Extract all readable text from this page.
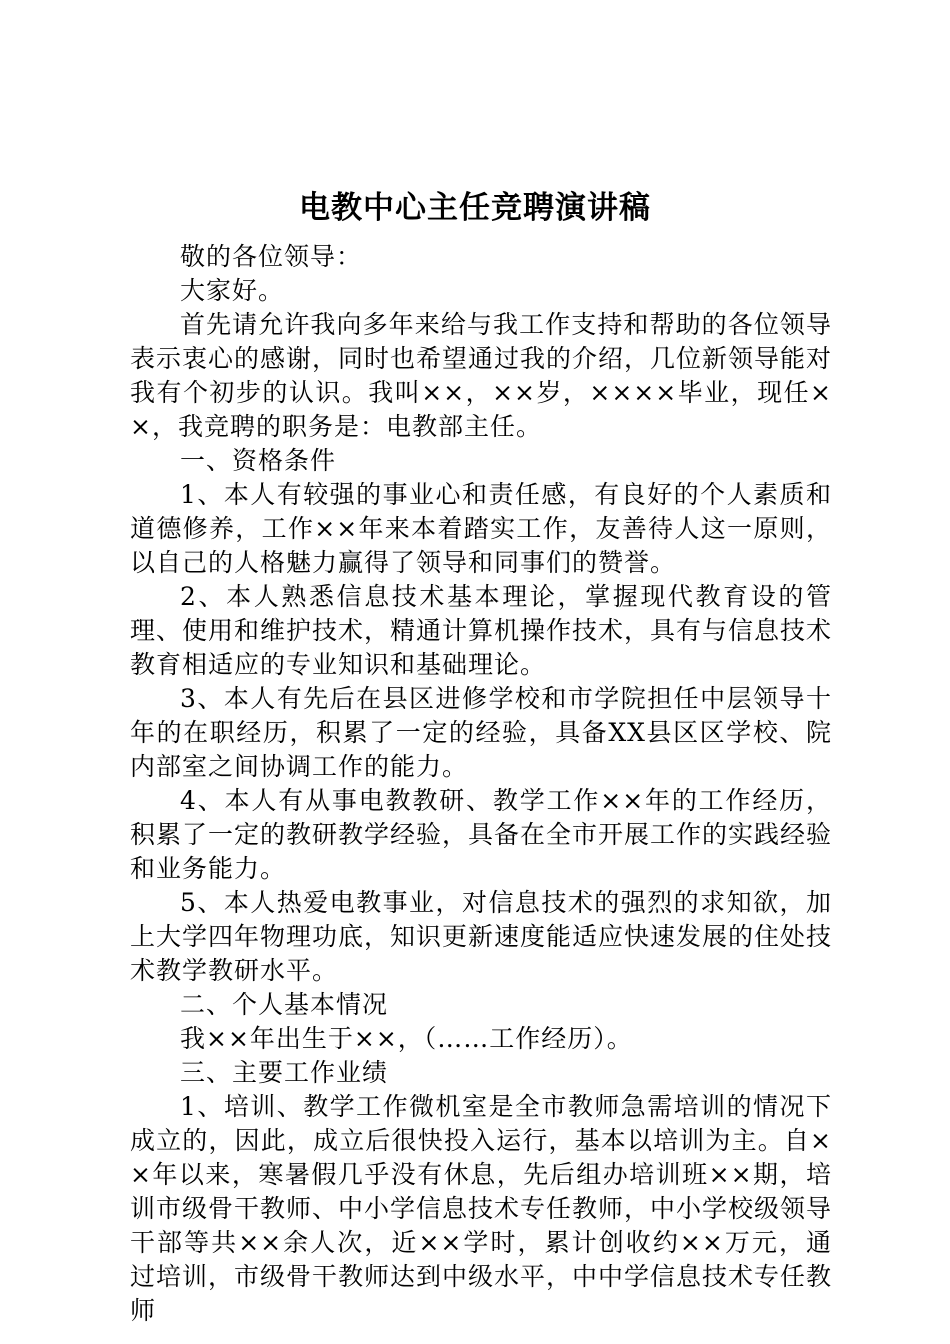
电教中心主任竞聘演讲稿

敬的各位领导：

大家好。

首先请允许我向多年来给与我工作支持和帮助的各位领导表示衷心的感谢，同时也希望通过我的介绍，几位新领导能对我有个初步的认识。我叫××，××岁，××××毕业，现任××，我竞聘的职务是：电教部主任。

一、资格条件

1、本人有较强的事业心和责任感，有良好的个人素质和道德修养，工作××年来本着踏实工作，友善待人这一原则，以自己的人格魅力赢得了领导和同事们的赞誉。

2、本人熟悉信息技术基本理论，掌握现代教育设的管理、使用和维护技术，精通计算机操作技术，具有与信息技术教育相适应的专业知识和基础理论。

3、本人有先后在县区进修学校和市学院担任中层领导十年的在职经历，积累了一定的经验，具备XX县区区学校、院内部室之间协调工作的能力。

4、本人有从事电教教研、教学工作××年的工作经历，积累了一定的教研教学经验，具备在全市开展工作的实践经验和业务能力。

5、本人热爱电教事业，对信息技术的强烈的求知欲，加上大学四年物理功底，知识更新速度能适应快速发展的住处技术教学教研水平。

二、个人基本情况

我××年出生于××，（……工作经历）。

三、主要工作业绩

1、培训、教学工作微机室是全市教师急需培训的情况下成立的，因此，成立后很快投入运行，基本以培训为主。自××年以来，寒暑假几乎没有休息，先后组办培训班××期，培训市级骨干教师、中小学信息技术专任教师，中小学校级领导干部等共××余人次，近××学时，累计创收约××万元，通过培训，市级骨干教师达到中级水平，中中学信息技术专任教师
